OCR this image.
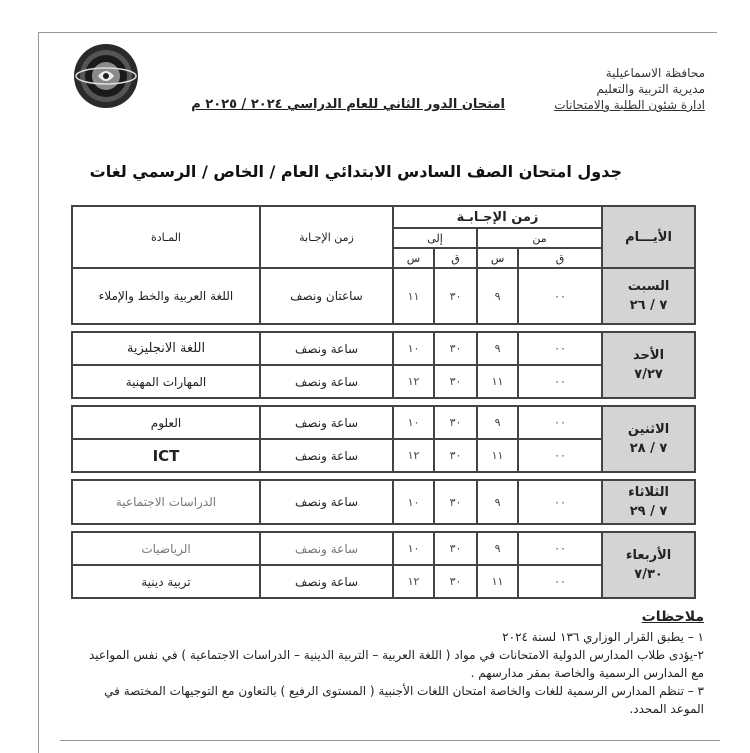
محافظة الاسماعيلية
مديرية التربية والتعليم
ادارة شئون الطلبة والامتحانات
امتحان الدور الثاني للعام الدراسي ٢٠٢٤ / ٢٠٢٥ م
جدول امتحان الصف السادس الابتدائي العام / الخاص / الرسمي لغات
الأيـــام	زمن الإجـابـة				زمن الإجـابة	المـادة
	من		إلى			
	ق	س	ق	س		
السبت
٧ / ٢٦	٠٠	٩	٣٠	١١	ساعتان ونصف	اللغة العربية والخط والإملاء

الأحد
٧/٢٧	٠٠	٩	٣٠	١٠	ساعة ونصف	اللغة الانجليزية
	٠٠	١١	٣٠	١٢	ساعة ونصف	المهارات المهنية

الاثنين
٧ / ٢٨	٠٠	٩	٣٠	١٠	ساعة ونصف	العلوم
	٠٠	١١	٣٠	١٢	ساعة ونصف	ICT

الثلاثاء
٧ / ٢٩	٠٠	٩	٣٠	١٠	ساعة ونصف	الدراسات الاجتماعية

الأربعاء
٧/٣٠	٠٠	٩	٣٠	١٠	ساعة ونصف	الرياضيات
	٠٠	١١	٣٠	١٢	ساعة ونصف	تربية دينية
ملاحظات
١ – يطبق القرار الوزاري ١٣٦ لسنة ٢٠٢٤
٢-يؤدى طلاب المدارس الدولية الامتحانات في مواد ( اللغة العربية – التربية الدينية – الدراسات الاجتماعية ) في نفس المواعيد مع المدارس الرسمية والخاصة بمقر مدارسهم .
٣ – تنظم المدارس الرسمية للغات والخاصة امتحان اللغات الأجنبية ( المستوى الرفيع ) بالتعاون مع التوجيهات المختصة في الموعد المحدد.
